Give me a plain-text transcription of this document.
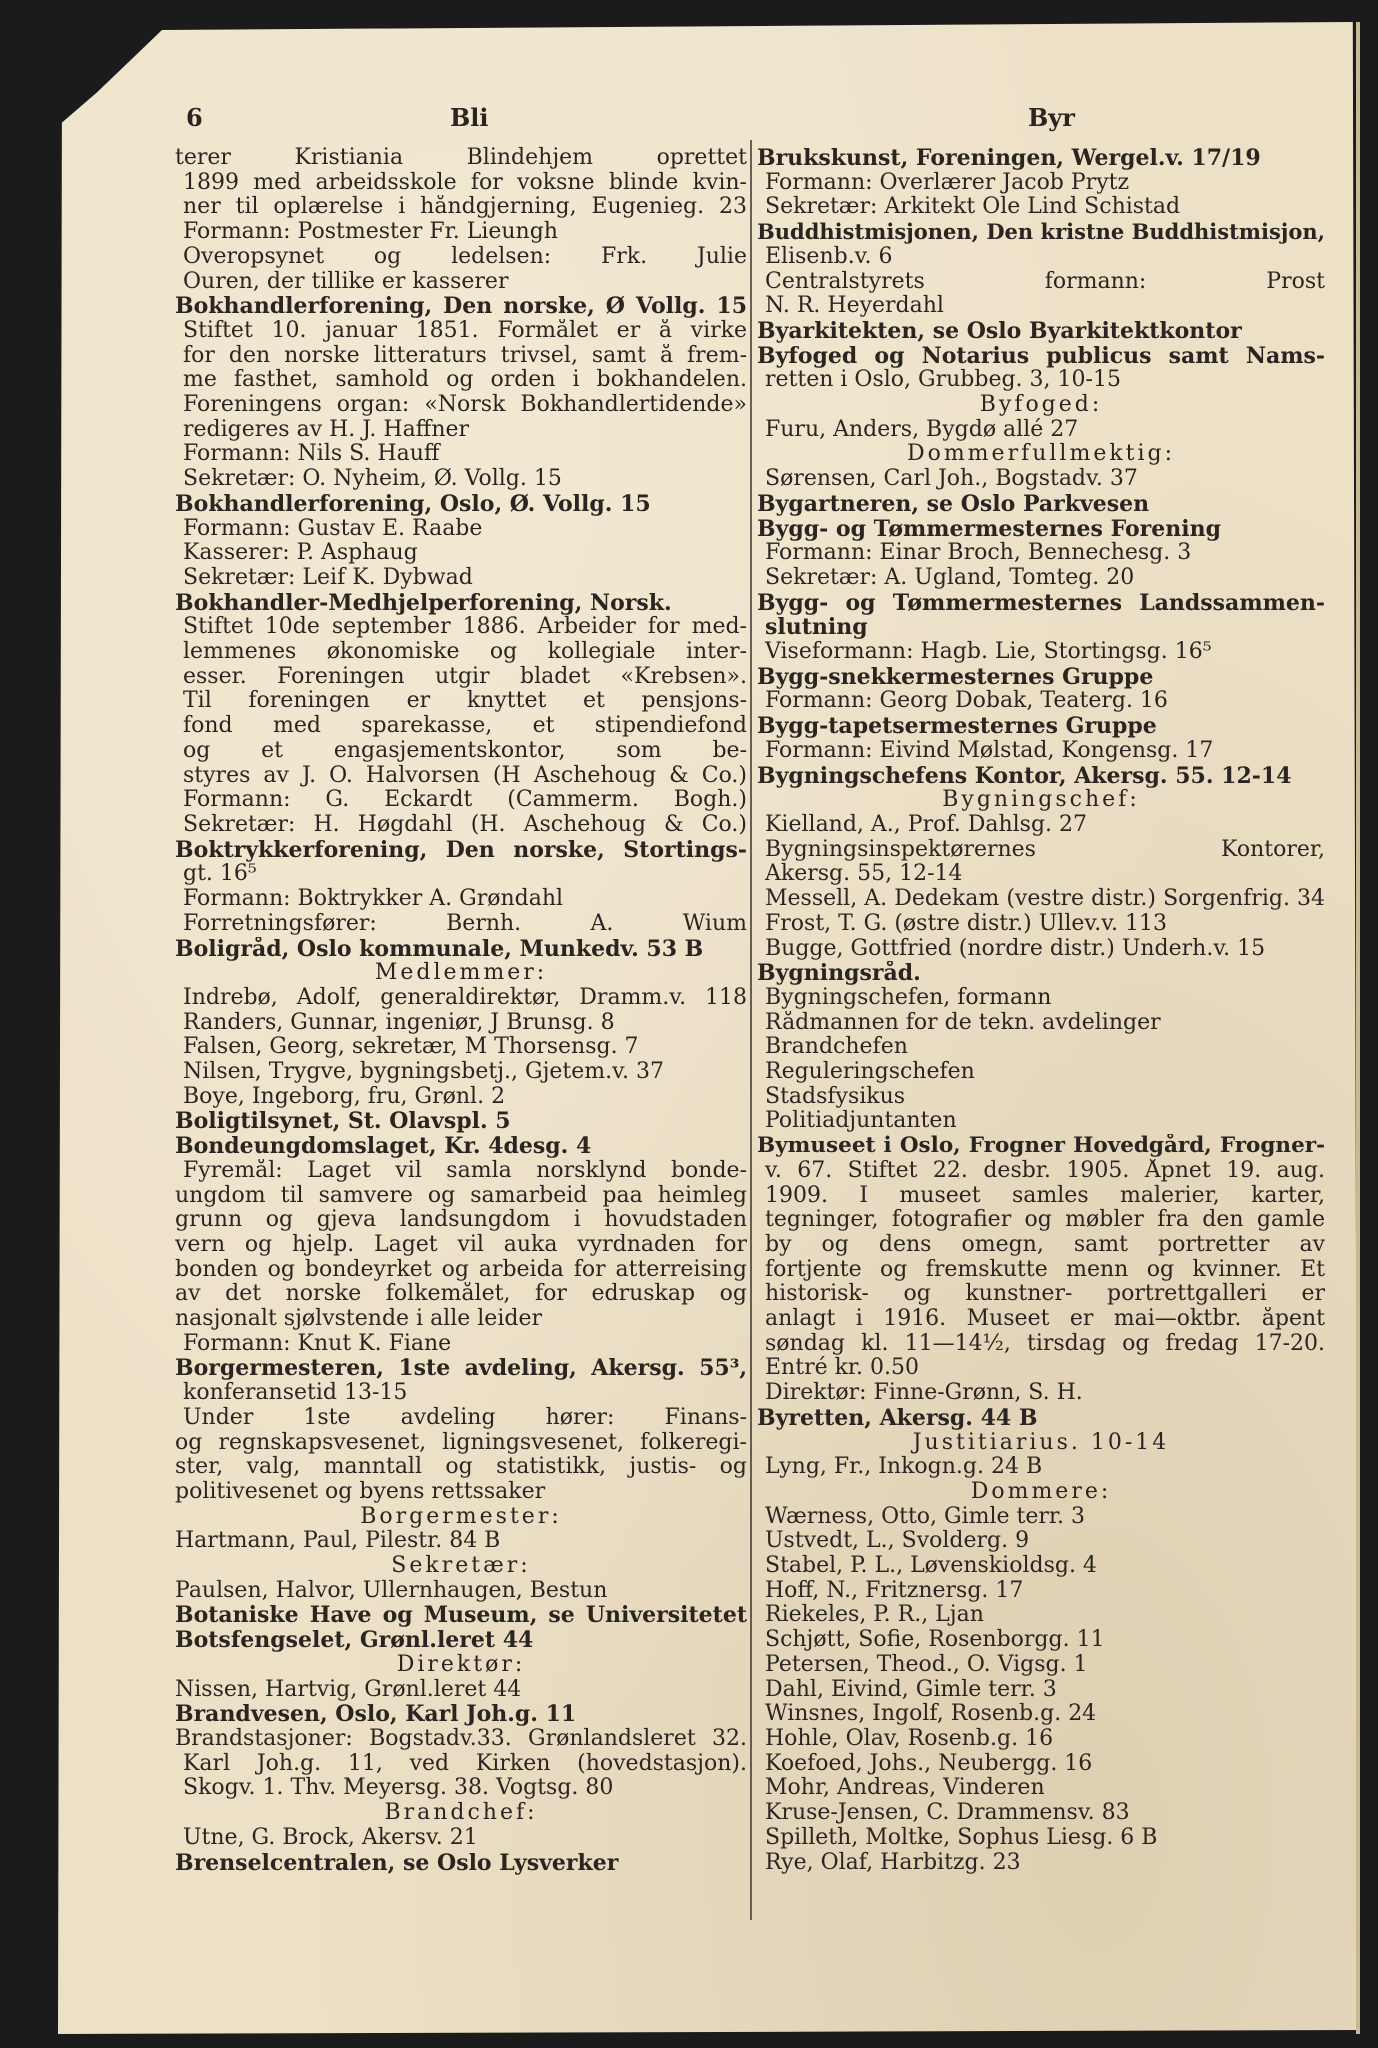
6	Bli	Byr
terer Kristiania Blindehjem oprettet
1899 med arbeidsskole for voksne blinde kvin-
ner til oplærelse i håndgjerning, Eugenieg. 23
Formann: Postmester Fr. Lieungh
Overopsynet og ledelsen: Frk. Julie
Ouren, der tillike er kasserer
Bokhandlerforening, Den norske, Ø Vollg. 15
Stiftet 10. januar 1851. Formålet er å virke
for den norske litteraturs trivsel, samt å frem-
me fasthet, samhold og orden i bokhandelen.
Foreningens organ: «Norsk Bokhandlertidende»
redigeres av H. J. Haffner
Formann: Nils S. Hauff
Sekretær: O. Nyheim, Ø. Vollg. 15
Bokhandlerforening, Oslo, Ø. Vollg. 15
Formann: Gustav E. Raabe
Kasserer: P. Asphaug
Sekretær: Leif K. Dybwad
Bokhandler-Medhjelperforening, Norsk.
Stiftet 10de september 1886. Arbeider for med-
lemmenes økonomiske og kollegiale inter-
esser. Foreningen utgir bladet «Krebsen».
Til foreningen er knyttet et pensjons-
fond med sparekasse, et stipendiefond
og et engasjementskontor, som be-
styres av J. O. Halvorsen (H Aschehoug & Co.)
Formann: G. Eckardt (Cammerm. Bogh.)
Sekretær: H. Høgdahl (H. Aschehoug & Co.)
Boktrykkerforening, Den norske, Stortings-
gt. 16⁵
Formann: Boktrykker A. Grøndahl
Forretningsfører: Bernh. A. Wium
Boligråd, Oslo kommunale, Munkedv. 53 B
Medlemmer:
Indrebø, Adolf, generaldirektør, Dramm.v. 118
Randers, Gunnar, ingeniør, J Brunsg. 8
Falsen, Georg, sekretær, M Thorsensg. 7
Nilsen, Trygve, bygningsbetj., Gjetem.v. 37
Boye, Ingeborg, fru, Grønl. 2
Boligtilsynet, St. Olavspl. 5
Bondeungdomslaget, Kr. 4desg. 4
Fyremål: Laget vil samla norsklynd bonde-
ungdom til samvere og samarbeid paa heimleg
grunn og gjeva landsungdom i hovudstaden
vern og hjelp. Laget vil auka vyrdnaden for
bonden og bondeyrket og arbeida for atterreising
av det norske folkemålet, for edruskap og
nasjonalt sjølvstende i alle leider
Formann: Knut K. Fiane
Borgermesteren, 1ste avdeling, Akersg. 55³,
konferansetid 13-15
Under 1ste avdeling hører: Finans-
og regnskapsvesenet, ligningsvesenet, folkeregi-
ster, valg, manntall og statistikk, justis- og
politivesenet og byens rettssaker
Borgermester:
Hartmann, Paul, Pilestr. 84 B
Sekretær:
Paulsen, Halvor, Ullernhaugen, Bestun
Botaniske Have og Museum, se Universitetet
Botsfengselet, Grønl.leret 44
Direktør:
Nissen, Hartvig, Grønl.leret 44
Brandvesen, Oslo, Karl Joh.g. 11
Brandstasjoner: Bogstadv.33. Grønlandsleret 32.
Karl Joh.g. 11, ved Kirken (hovedstasjon).
Skogv. 1. Thv. Meyersg. 38. Vogtsg. 80
Brandchef:
Utne, G. Brock, Akersv. 21
Brenselcentralen, se Oslo Lysverker
Brukskunst, Foreningen, Wergel.v. 17/19
Formann: Overlærer Jacob Prytz
Sekretær: Arkitekt Ole Lind Schistad
Buddhistmisjonen, Den kristne Buddhistmisjon,
Elisenb.v. 6
Centralstyrets formann: Prost
N. R. Heyerdahl
Byarkitekten, se Oslo Byarkitektkontor
Byfoged og Notarius publicus samt Nams-
retten i Oslo, Grubbeg. 3, 10-15
Byfoged:
Furu, Anders, Bygdø allé 27
Dommerfullmektig:
Sørensen, Carl Joh., Bogstadv. 37
Bygartneren, se Oslo Parkvesen
Bygg- og Tømmermesternes Forening
Formann: Einar Broch, Bennechesg. 3
Sekretær: A. Ugland, Tomteg. 20
Bygg- og Tømmermesternes Landssammen-
slutning
Viseformann: Hagb. Lie, Stortingsg. 16⁵
Bygg-snekkermesternes Gruppe
Formann: Georg Dobak, Teaterg. 16
Bygg-tapetsermesternes Gruppe
Formann: Eivind Mølstad, Kongensg. 17
Bygningschefens Kontor, Akersg. 55. 12-14
Bygningschef:
Kielland, A., Prof. Dahlsg. 27
Bygningsinspektørernes Kontorer,
Akersg. 55, 12-14
Messell, A. Dedekam (vestre distr.) Sorgenfrig. 34
Frost, T. G. (østre distr.) Ullev.v. 113
Bugge, Gottfried (nordre distr.) Underh.v. 15
Bygningsråd.
Bygningschefen, formann
Rådmannen for de tekn. avdelinger
Brandchefen
Reguleringschefen
Stadsfysikus
Politiadjuntanten
Bymuseet i Oslo, Frogner Hovedgård, Frogner-
v. 67. Stiftet 22. desbr. 1905. Åpnet 19. aug.
1909. I museet samles malerier, karter,
tegninger, fotografier og møbler fra den gamle
by og dens omegn, samt portretter av
fortjente og fremskutte menn og kvinner. Et
historisk- og kunstner- portrettgalleri er
anlagt i 1916. Museet er mai—oktbr. åpent
søndag kl. 11—14½, tirsdag og fredag 17-20.
Entré kr. 0.50
Direktør: Finne-Grønn, S. H.
Byretten, Akersg. 44 B
Justitiarius. 10-14
Lyng, Fr., Inkogn.g. 24 B
Dommere:
Wærness, Otto, Gimle terr. 3
Ustvedt, L., Svolderg. 9
Stabel, P. L., Løvenskioldsg. 4
Hoff, N., Fritznersg. 17
Riekeles, P. R., Ljan
Schjøtt, Sofie, Rosenborgg. 11
Petersen, Theod., O. Vigsg. 1
Dahl, Eivind, Gimle terr. 3
Winsnes, Ingolf, Rosenb.g. 24
Hohle, Olav, Rosenb.g. 16
Koefoed, Johs., Neubergg. 16
Mohr, Andreas, Vinderen
Kruse-Jensen, C. Drammensv. 83
Spilleth, Moltke, Sophus Liesg. 6 B
Rye, Olaf, Harbitzg. 23
